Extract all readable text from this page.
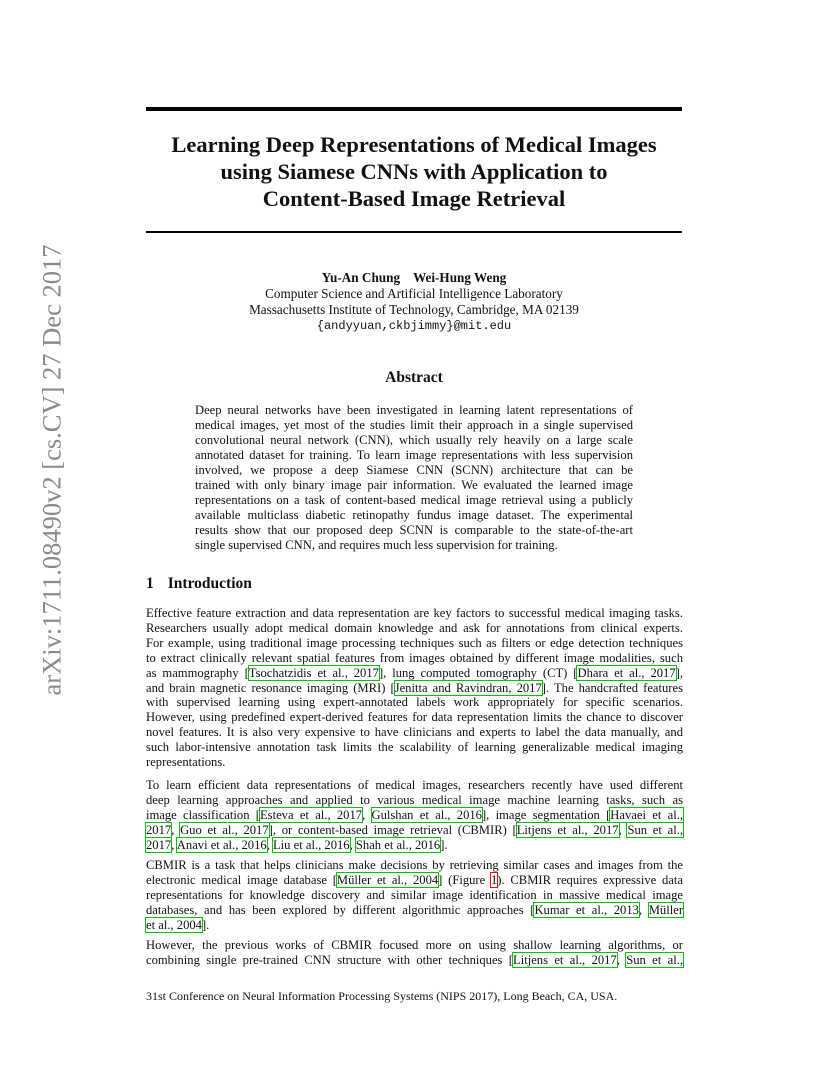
arXiv:1711.08490v2 [cs.CV] 27 Dec 2017
Learning Deep Representations of Medical Images
using Siamese CNNs with Application to
Content-Based Image Retrieval
Yu-An Chung Wei-Hung Weng
Computer Science and Artificial Intelligence Laboratory
Massachusetts Institute of Technology, Cambridge, MA 02139
{andyyuan,ckbjimmy}@mit.edu
Abstract
Deep neural networks have been investigated in learning latent representations of
medical images, yet most of the studies limit their approach in a single supervised
convolutional neural network (CNN), which usually rely heavily on a large scale
annotated dataset for training. To learn image representations with less supervision
involved, we propose a deep Siamese CNN (SCNN) architecture that can be
trained with only binary image pair information. We evaluated the learned image
representations on a task of content-based medical image retrieval using a publicly
available multiclass diabetic retinopathy fundus image dataset. The experimental
results show that our proposed deep SCNN is comparable to the state-of-the-art
single supervised CNN, and requires much less supervision for training.
1 Introduction
Effective feature extraction and data representation are key factors to successful medical imaging tasks.
Researchers usually adopt medical domain knowledge and ask for annotations from clinical experts.
For example, using traditional image processing techniques such as filters or edge detection techniques
to extract clinically relevant spatial features from images obtained by different image modalities, such
as mammography [Tsochatzidis et al., 2017], lung computed tomography (CT) [Dhara et al., 2017],
and brain magnetic resonance imaging (MRI) [Jenitta and Ravindran, 2017]. The handcrafted features
with supervised learning using expert-annotated labels work appropriately for specific scenarios.
However, using predefined expert-derived features for data representation limits the chance to discover
novel features. It is also very expensive to have clinicians and experts to label the data manually, and
such labor-intensive annotation task limits the scalability of learning generalizable medical imaging
representations.
To learn efficient data representations of medical images, researchers recently have used different
deep learning approaches and applied to various medical image machine learning tasks, such as
image classification [Esteva et al., 2017, Gulshan et al., 2016], image segmentation [Havaei et al.,
2017, Guo et al., 2017], or content-based image retrieval (CBMIR) [Litjens et al., 2017, Sun et al.,
2017, Anavi et al., 2016, Liu et al., 2016, Shah et al., 2016].
CBMIR is a task that helps clinicians make decisions by retrieving similar cases and images from the
electronic medical image database [Müller et al., 2004] (Figure 1). CBMIR requires expressive data
representations for knowledge discovery and similar image identification in massive medical image
databases, and has been explored by different algorithmic approaches [Kumar et al., 2013, Müller
et al., 2004].
However, the previous works of CBMIR focused more on using shallow learning algorithms, or
combining single pre-trained CNN structure with other techniques [Litjens et al., 2017, Sun et al.,
31st Conference on Neural Information Processing Systems (NIPS 2017), Long Beach, CA, USA.
